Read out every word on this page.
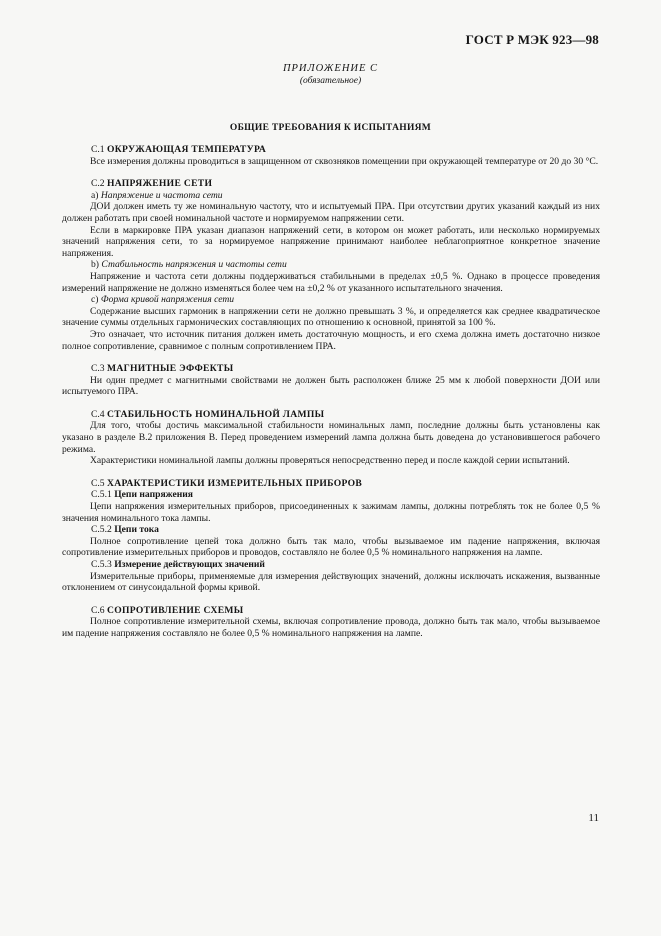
ГОСТ Р МЭК 923—98
ПРИЛОЖЕНИЕ С
(обязательное)
ОБЩИЕ ТРЕБОВАНИЯ К ИСПЫТАНИЯМ
С.1 ОКРУЖАЮЩАЯ ТЕМПЕРАТУРА

Все измерения должны проводиться в защищенном от сквозняков помещении при окружающей температуре от 20 до 30 °С.

С.2 НАПРЯЖЕНИЕ СЕТИ
а) Напряжение и частота сети

ДОИ должен иметь ту же номинальную частоту, что и испытуемый ПРА. При отсутствии других указаний каждый из них должен работать при своей номинальной частоте и нормируемом напряжении сети.

Если в маркировке ПРА указан диапазон напряжений сети, в котором он может работать, или несколько нормируемых значений напряжения сети, то за нормируемое напряжение принимают наиболее неблагоприятное конкретное значение напряжения.

b) Стабильность напряжения и частоты сети

Напряжение и частота сети должны поддерживаться стабильными в пределах ±0,5 %. Однако в процессе проведения измерений напряжение не должно изменяться более чем на ±0,2 % от указанного испытательного значения.

с) Форма кривой напряжения сети

Содержание высших гармоник в напряжении сети не должно превышать 3 %, и определяется как среднее квадратическое значение суммы отдельных гармонических составляющих по отношению к основной, принятой за 100 %.

Это означает, что источник питания должен иметь достаточную мощность, и его схема должна иметь достаточно низкое полное сопротивление, сравнимое с полным сопротивлением ПРА.

С.3 МАГНИТНЫЕ ЭФФЕКТЫ

Ни один предмет с магнитными свойствами не должен быть расположен ближе 25 мм к любой поверхности ДОИ или испытуемого ПРА.

С.4 СТАБИЛЬНОСТЬ НОМИНАЛЬНОЙ ЛАМПЫ

Для того, чтобы достичь максимальной стабильности номинальных ламп, последние должны быть установлены как указано в разделе В.2 приложения В. Перед проведением измерений лампа должна быть доведена до установившегося рабочего режима.

Характеристики номинальной лампы должны проверяться непосредственно перед и после каждой серии испытаний.

С.5 ХАРАКТЕРИСТИКИ ИЗМЕРИТЕЛЬНЫХ ПРИБОРОВ
С.5.1 Цепи напряжения

Цепи напряжения измерительных приборов, присоединенных к зажимам лампы, должны потреблять ток не более 0,5 % значения номинального тока лампы.

С.5.2 Цепи тока

Полное сопротивление цепей тока должно быть так мало, чтобы вызываемое им падение напряжения, включая сопротивление измерительных приборов и проводов, составляло не более 0,5 % номинального напряжения на лампе.

С.5.3 Измерение действующих значений

Измерительные приборы, применяемые для измерения действующих значений, должны исключать искажения, вызванные отклонением от синусоидальной формы кривой.

С.6 СОПРОТИВЛЕНИЕ СХЕМЫ

Полное сопротивление измерительной схемы, включая сопротивление провода, должно быть так мало, чтобы вызываемое им падение напряжения составляло не более 0,5 % номинального напряжения на лампе.

11
